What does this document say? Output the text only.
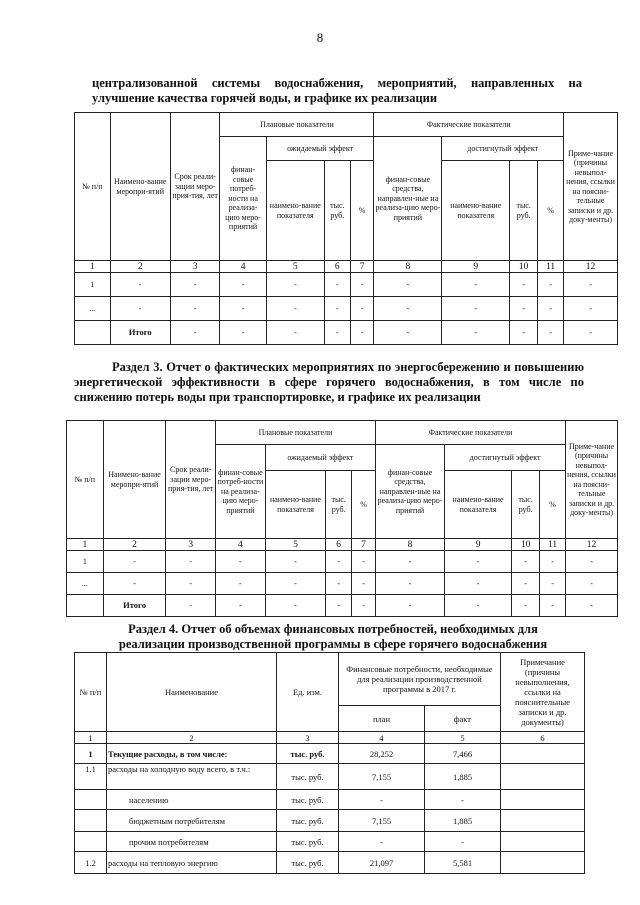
8
централизованной системы водоснабжения, мероприятий, направленных на улучшение качества горячей воды, и графике их реализации
№ п/п	Наимено-вание меропри-ятий	Срок реали-зации меро-прия-тия, лет	Плановые показатели				Фактические показатели				Приме-чание (причины невыпол-нения, ссылки на поясни-тельные записки и др. доку-менты)
			финан-совые потреб-ности на реализа-цию меро-приятий	ожидаемый эффект			финан-совые средства, направлен-ные на реализа-цию меро-приятий	достигнутый эффект			
				наимено-вание показателя	тыс. руб.	%		наимено-вание показателя	тыс. руб.	%	
1	2	3	4	5	6	7	8	9	10	11	12
1	-	-	-	-	-	-	-	-	-	-	-
...	-	-	-	-	-	-	-	-	-	-	-
	Итого	-	-	-	-	-	-	-	-	-	-
Раздел 3. Отчет о фактических мероприятиях по энергосбережению и повышению энергетической эффективности в сфере горячего водоснабжения, в том числе по снижению потерь воды при транспортировке, и графике их реализации
№ п/п	Наимено-вание меропри-ятий	Срок реали-зации меро-прия-тия, лет	Плановые показатели				Фактические показатели				Приме-чание (причины невыпол-нения, ссылки на поясни-тельные записки и др. доку-менты)
			финан-совые потреб-ности на реализа-цию меро-приятий	ожидаемый эффект			финан-совые средства, направлен-ные на реализа-цию меро-приятий	достигнутый эффект			
				наимено-вание показателя	тыс. руб.	%		наимено-вание показателя	тыс. руб.	%	
1	2	3	4	5	6	7	8	9	10	11	12
1	-	-	-	-	-	-	-	-	-	-	-
...	-	-	-	-	-	-	-	-	-	-	-
	Итого	-	-	-	-	-	-	-	-	-	-
Раздел 4. Отчет об объемах финансовых потребностей, необходимых для реализации производственной программы в сфере горячего водоснабжения
№ п/п	Наименование	Ед. изм.	Финансовые потребности, необходимые для реализации производственной программы в 2017 г.		Примечание (причины невыполнения, ссылки на пояснительные записки и др. документы)
			план	факт	
1	2	3	4	5	6
1	Текущие расходы, в том числе:	тыс. руб.	28,252	7,466	
1.1	расходы на холодную воду всего, в т.ч.:	тыс. руб.	7,155	1,885	
	населению	тыс. руб.	-	-	
	бюджетным потребителям	тыс. руб.	7,155	1,885	
	прочим потребителям	тыс. руб.	-	-	
1.2	расходы на тепловую энергию	тыс. руб.	21,097	5,581	
